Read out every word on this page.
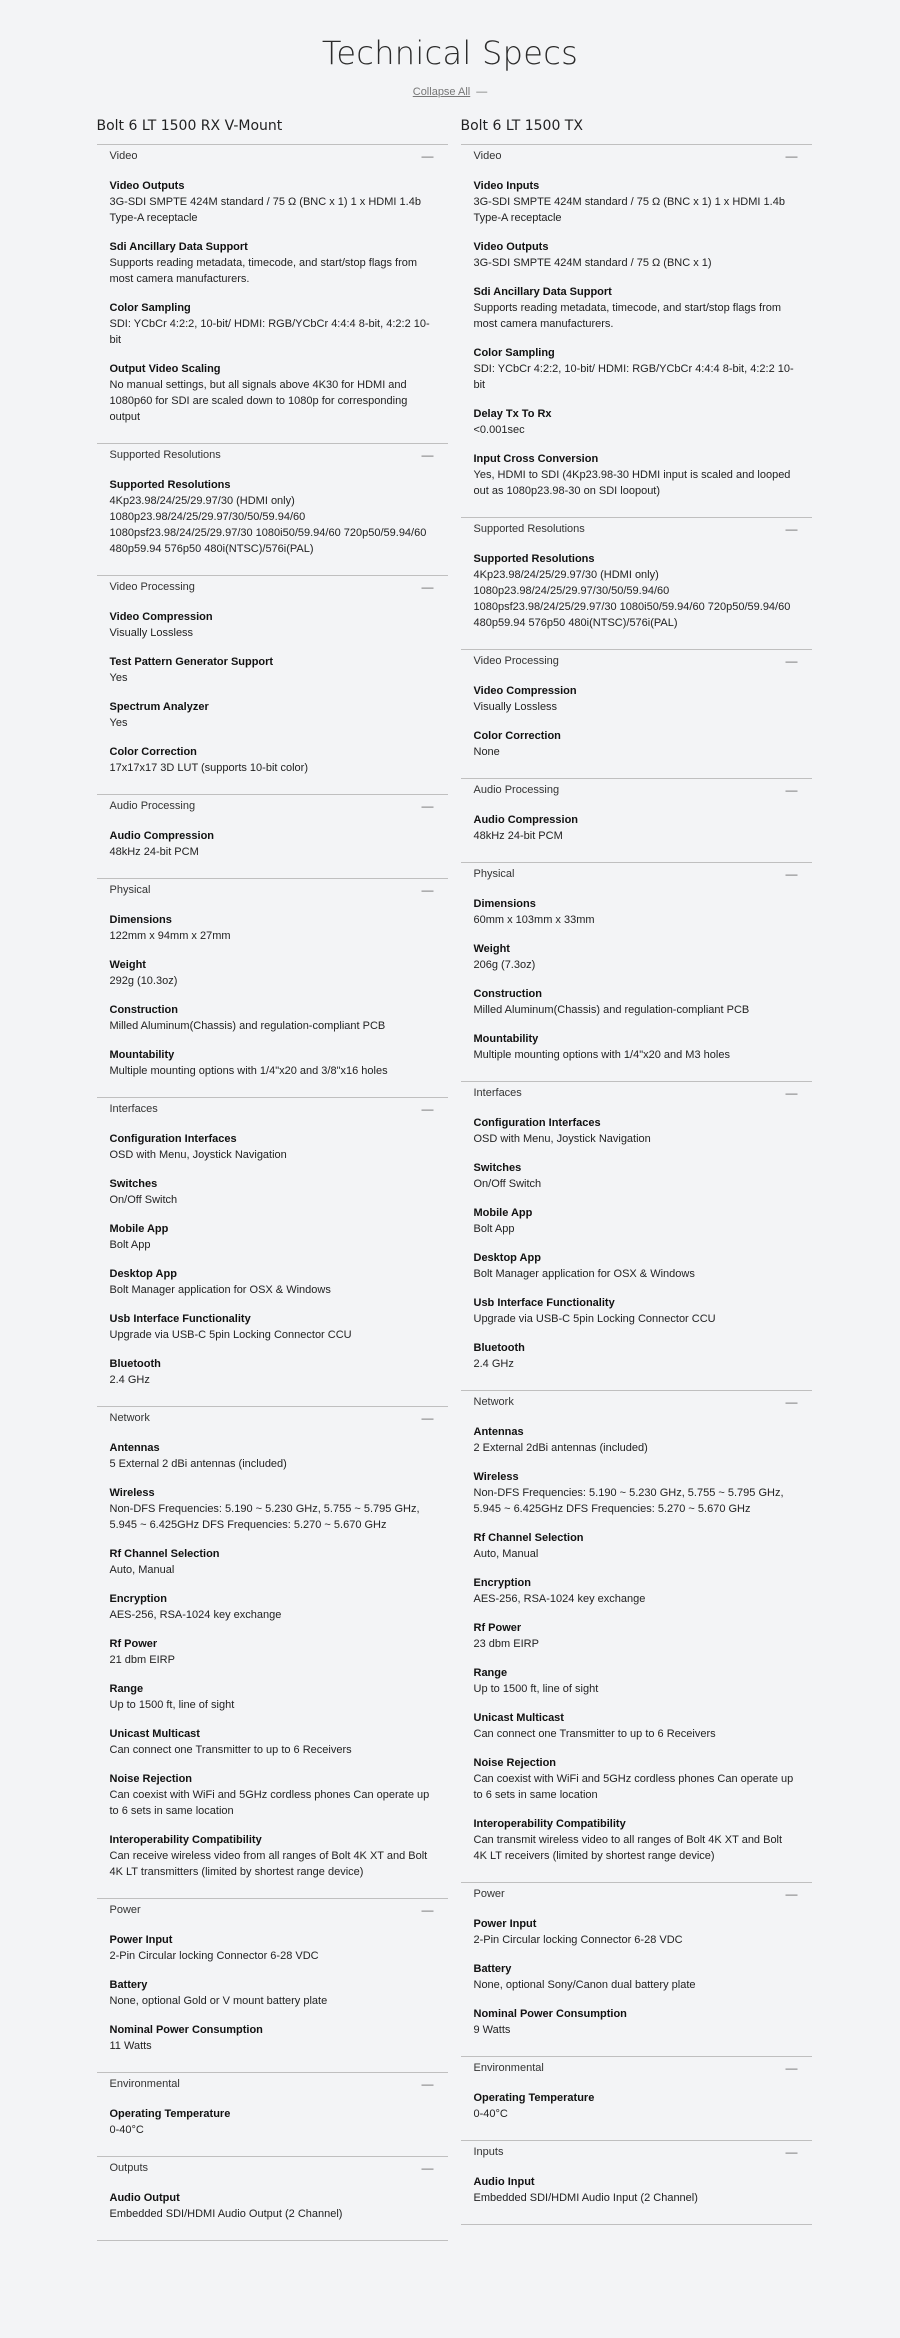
Technical Specs
Collapse All —
Bolt 6 LT 1500 RX V-Mount
Video	—
Video Outputs
3G-SDI SMPTE 424M standard / 75 Ω (BNC x 1) 1 x HDMI 1.4b Type-A receptacle
Sdi Ancillary Data Support
Supports reading metadata, timecode, and start/stop flags from most camera manufacturers.
Color Sampling
SDI: YCbCr 4:2:2, 10-bit/ HDMI: RGB/YCbCr 4:4:4 8-bit, 4:2:2 10-bit
Output Video Scaling
No manual settings, but all signals above 4K30 for HDMI and 1080p60 for SDI are scaled down to 1080p for corresponding output
Supported Resolutions	—
Supported Resolutions
4Kp23.98/24/25/29.97/30 (HDMI only) 1080p23.98/24/25/29.97/30/50/59.94/60 1080psf23.98/24/25/29.97/30 1080i50/59.94/60 720p50/59.94/60 480p59.94 576p50 480i(NTSC)/576i(PAL)
Video Processing	—
Video Compression
Visually Lossless
Test Pattern Generator Support
Yes
Spectrum Analyzer
Yes
Color Correction
17x17x17 3D LUT (supports 10-bit color)
Audio Processing	—
Audio Compression
48kHz 24-bit PCM
Physical	—
Dimensions
122mm x 94mm x 27mm
Weight
292g (10.3oz)
Construction
Milled Aluminum(Chassis) and regulation-compliant PCB
Mountability
Multiple mounting options with 1/4"x20 and 3/8"x16 holes
Interfaces	—
Configuration Interfaces
OSD with Menu, Joystick Navigation
Switches
On/Off Switch
Mobile App
Bolt App
Desktop App
Bolt Manager application for OSX & Windows
Usb Interface Functionality
Upgrade via USB-C 5pin Locking Connector CCU
Bluetooth
2.4 GHz
Network	—
Antennas
5 External 2 dBi antennas (included)
Wireless
Non-DFS Frequencies: 5.190 ~ 5.230 GHz, 5.755 ~ 5.795 GHz, 5.945 ~ 6.425GHz DFS Frequencies: 5.270 ~ 5.670 GHz
Rf Channel Selection
Auto, Manual
Encryption
AES-256, RSA-1024 key exchange
Rf Power
21 dbm EIRP
Range
Up to 1500 ft, line of sight
Unicast Multicast
Can connect one Transmitter to up to 6 Receivers
Noise Rejection
Can coexist with WiFi and 5GHz cordless phones Can operate up to 6 sets in same location
Interoperability Compatibility
Can receive wireless video from all ranges of Bolt 4K XT and Bolt 4K LT transmitters (limited by shortest range device)
Power	—
Power Input
2-Pin Circular locking Connector 6-28 VDC
Battery
None, optional Gold or V mount battery plate
Nominal Power Consumption
11 Watts
Environmental	—
Operating Temperature
0-40°C
Outputs	—
Audio Output
Embedded SDI/HDMI Audio Output (2 Channel)
Bolt 6 LT 1500 TX
Video	—
Video Inputs
3G-SDI SMPTE 424M standard / 75 Ω (BNC x 1) 1 x HDMI 1.4b Type-A receptacle
Video Outputs
3G-SDI SMPTE 424M standard / 75 Ω (BNC x 1)
Sdi Ancillary Data Support
Supports reading metadata, timecode, and start/stop flags from most camera manufacturers.
Color Sampling
SDI: YCbCr 4:2:2, 10-bit/ HDMI: RGB/YCbCr 4:4:4 8-bit, 4:2:2 10-bit
Delay Tx To Rx
<0.001sec
Input Cross Conversion
Yes, HDMI to SDI (4Kp23.98-30 HDMI input is scaled and looped out as 1080p23.98-30 on SDI loopout)
Supported Resolutions	—
Supported Resolutions
4Kp23.98/24/25/29.97/30 (HDMI only) 1080p23.98/24/25/29.97/30/50/59.94/60 1080psf23.98/24/25/29.97/30 1080i50/59.94/60 720p50/59.94/60 480p59.94 576p50 480i(NTSC)/576i(PAL)
Video Processing	—
Video Compression
Visually Lossless
Color Correction
None
Audio Processing	—
Audio Compression
48kHz 24-bit PCM
Physical	—
Dimensions
60mm x 103mm x 33mm
Weight
206g (7.3oz)
Construction
Milled Aluminum(Chassis) and regulation-compliant PCB
Mountability
Multiple mounting options with 1/4"x20 and M3 holes
Interfaces	—
Configuration Interfaces
OSD with Menu, Joystick Navigation
Switches
On/Off Switch
Mobile App
Bolt App
Desktop App
Bolt Manager application for OSX & Windows
Usb Interface Functionality
Upgrade via USB-C 5pin Locking Connector CCU
Bluetooth
2.4 GHz
Network	—
Antennas
2 External 2dBi antennas (included)
Wireless
Non-DFS Frequencies: 5.190 ~ 5.230 GHz, 5.755 ~ 5.795 GHz, 5.945 ~ 6.425GHz DFS Frequencies: 5.270 ~ 5.670 GHz
Rf Channel Selection
Auto, Manual
Encryption
AES-256, RSA-1024 key exchange
Rf Power
23 dbm EIRP
Range
Up to 1500 ft, line of sight
Unicast Multicast
Can connect one Transmitter to up to 6 Receivers
Noise Rejection
Can coexist with WiFi and 5GHz cordless phones Can operate up to 6 sets in same location
Interoperability Compatibility
Can transmit wireless video to all ranges of Bolt 4K XT and Bolt 4K LT receivers (limited by shortest range device)
Power	—
Power Input
2-Pin Circular locking Connector 6-28 VDC
Battery
None, optional Sony/Canon dual battery plate
Nominal Power Consumption
9 Watts
Environmental	—
Operating Temperature
0-40°C
Inputs	—
Audio Input
Embedded SDI/HDMI Audio Input (2 Channel)
